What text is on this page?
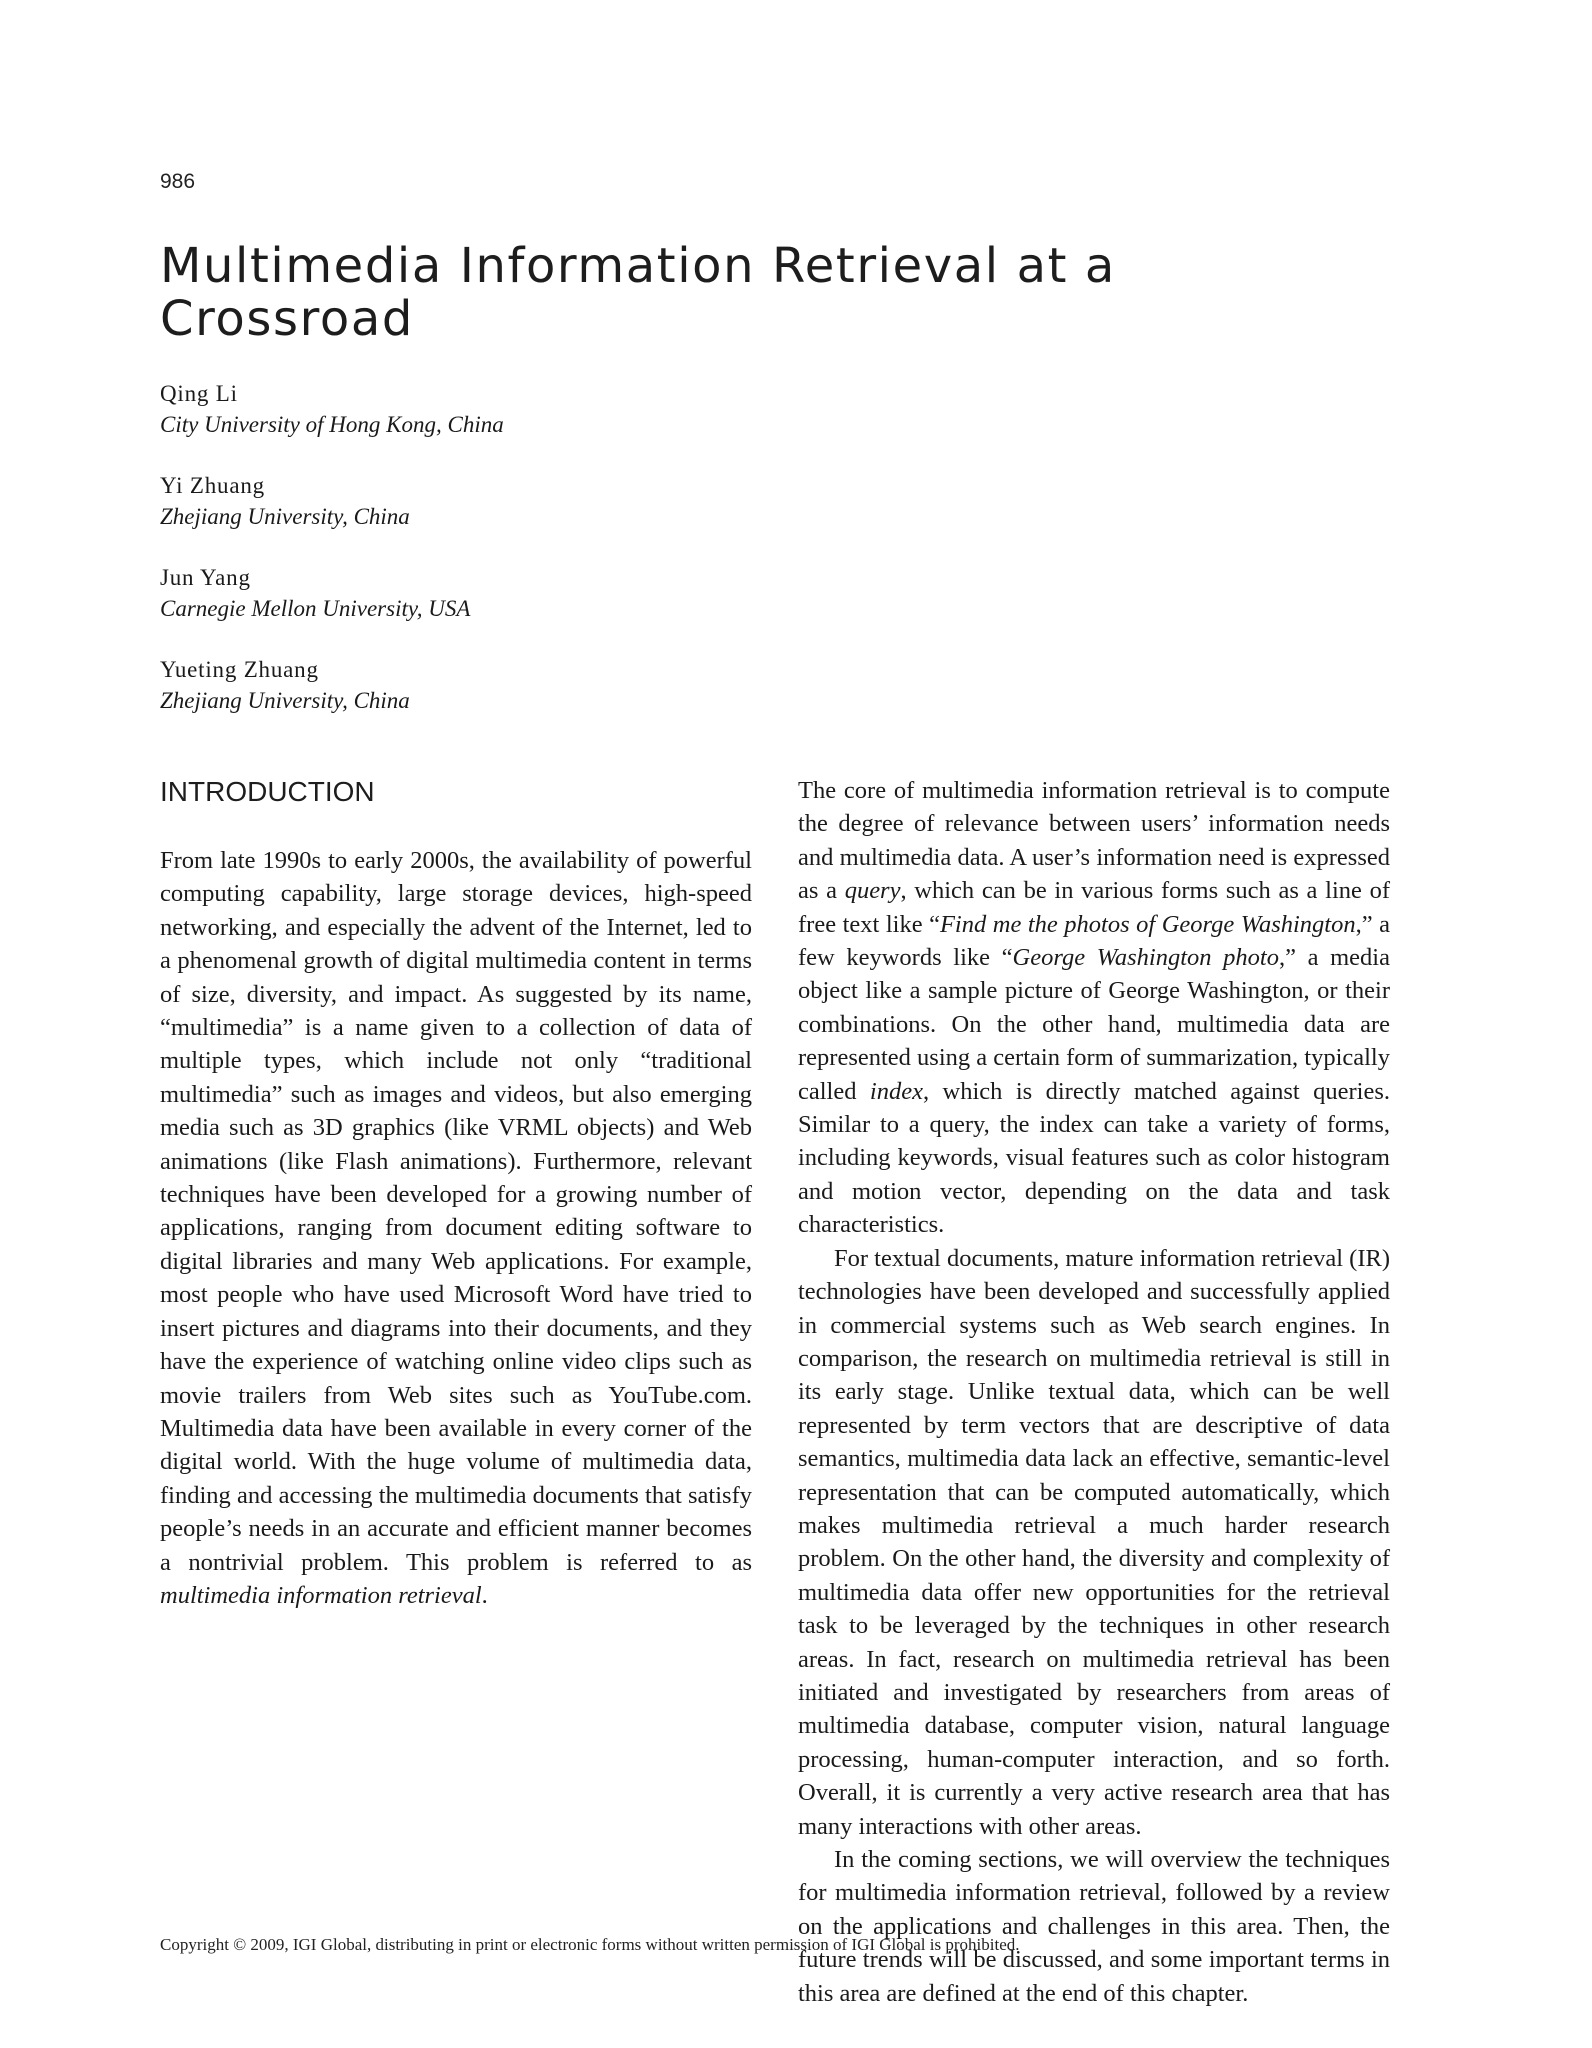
986
Multimedia Information Retrieval at a Crossroad
Qing Li
City University of Hong Kong, China
Yi Zhuang
Zhejiang University, China
Jun Yang
Carnegie Mellon University, USA
Yueting Zhuang
Zhejiang University, China
INTRODUCTION

From late 1990s to early 2000s, the availability of powerful computing capability, large storage devices, high-speed networking, and especially the advent of the Internet, led to a phenomenal growth of digital multimedia content in terms of size, diversity, and impact. As suggested by its name, “multimedia” is a name given to a collection of data of multiple types, which include not only “traditional multimedia” such as images and videos, but also emerging media such as 3D graphics (like VRML objects) and Web animations (like Flash animations). Furthermore, relevant techniques have been developed for a growing number of applications, ranging from document editing software to digital libraries and many Web applications. For example, most people who have used Microsoft Word have tried to insert pictures and diagrams into their documents, and they have the experience of watching online video clips such as movie trailers from Web sites such as YouTube.com. Multimedia data have been available in every corner of the digital world. With the huge volume of multimedia data, finding and accessing the multimedia documents that satisfy people’s needs in an accurate and efficient manner becomes a nontrivial problem. This problem is referred to as multimedia information retrieval.

The core of multimedia information retrieval is to compute the degree of relevance between users’ information needs and multimedia data. A user’s information need is expressed as a query, which can be in various forms such as a line of free text like “Find me the photos of George Washington,” a few keywords like “George Washington photo,” a media object like a sample picture of George Washington, or their combinations. On the other hand, multimedia data are represented using a certain form of summarization, typically called index, which is directly matched against queries. Similar to a query, the index can take a variety of forms, including keywords, visual features such as color histogram and motion vector, depending on the data and task characteristics.

For textual documents, mature information retrieval (IR) technologies have been developed and successfully applied in commercial systems such as Web search engines. In comparison, the research on multimedia retrieval is still in its early stage. Unlike textual data, which can be well represented by term vectors that are descriptive of data semantics, multimedia data lack an effective, semantic-level representation that can be computed automatically, which makes multimedia retrieval a much harder research problem. On the other hand, the diversity and complexity of multimedia data offer new opportunities for the retrieval task to be leveraged by the techniques in other research areas. In fact, research on multimedia retrieval has been initiated and investigated by researchers from areas of multimedia database, computer vision, natural language processing, human-computer interaction, and so forth. Overall, it is currently a very active research area that has many interactions with other areas.

In the coming sections, we will overview the techniques for multimedia information retrieval, followed by a review on the applications and challenges in this area. Then, the future trends will be discussed, and some important terms in this area are defined at the end of this chapter.

Copyright © 2009, IGI Global, distributing in print or electronic forms without written permission of IGI Global is prohibited.
